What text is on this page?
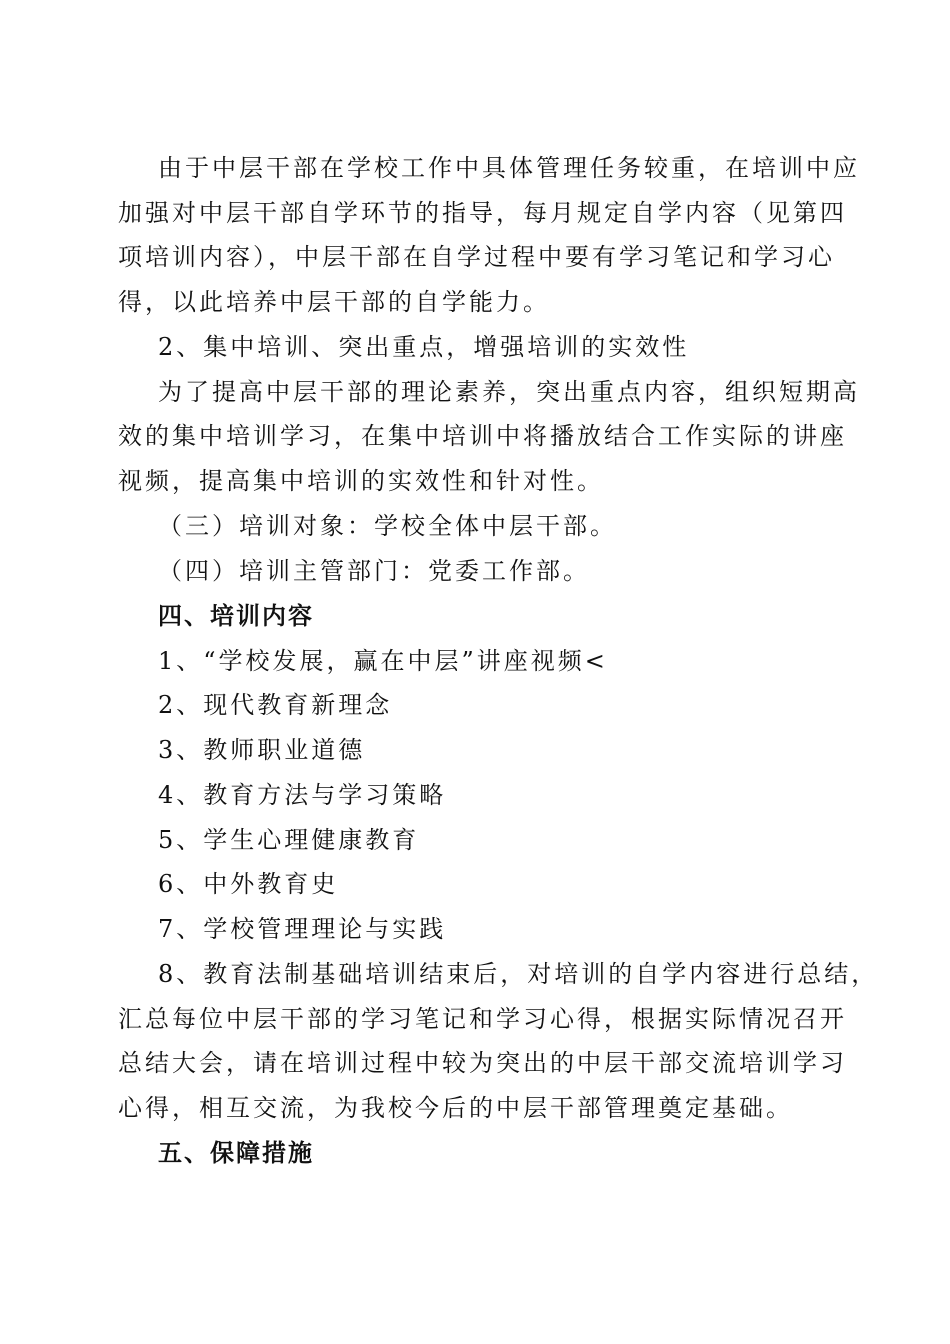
由于中层干部在学校工作中具体管理任务较重，在培训中应
加强对中层干部自学环节的指导，每月规定自学内容（见第四
项培训内容），中层干部在自学过程中要有学习笔记和学习心
得，以此培养中层干部的自学能力。
2、集中培训、突出重点，增强培训的实效性
为了提高中层干部的理论素养，突出重点内容，组织短期高
效的集中培训学习，在集中培训中将播放结合工作实际的讲座
视频，提高集中培训的实效性和针对性。
（三）培训对象：学校全体中层干部。
（四）培训主管部门：党委工作部。
四、培训内容
1、“学校发展，赢在中层”讲座视频<
2、现代教育新理念
3、教师职业道德
4、教育方法与学习策略
5、学生心理健康教育
6、中外教育史
7、学校管理理论与实践
8、教育法制基础培训结束后，对培训的自学内容进行总结，
汇总每位中层干部的学习笔记和学习心得，根据实际情况召开
总结大会，请在培训过程中较为突出的中层干部交流培训学习
心得，相互交流，为我校今后的中层干部管理奠定基础。
五、保障措施
